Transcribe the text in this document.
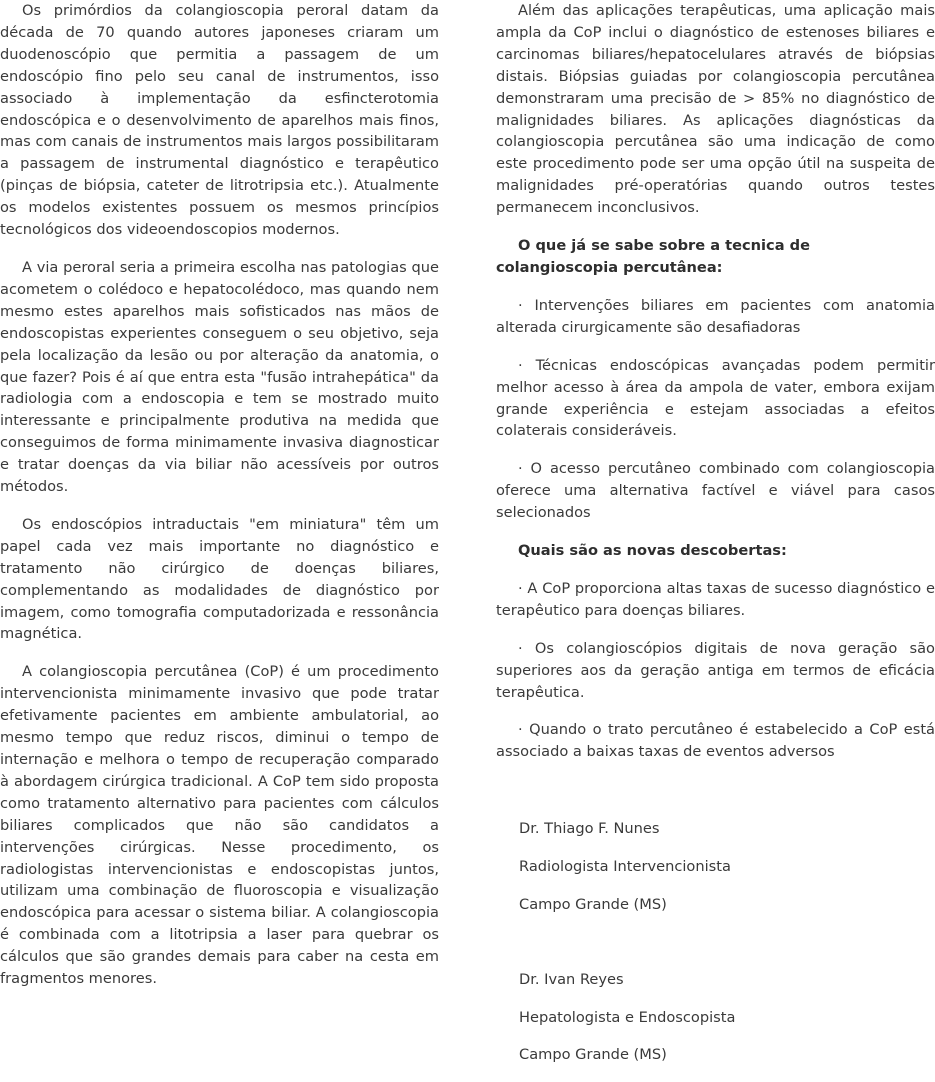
Os primórdios da colangioscopia peroral datam da década de 70 quando autores japoneses criaram um duodenoscópio que permitia a passagem de um endoscópio fino pelo seu canal de instrumentos, isso associado à implementação da esfincterotomia endoscópica e o desenvolvimento de aparelhos mais finos, mas com canais de instrumentos mais largos possibilitaram a passagem de instrumental diagnóstico e terapêutico (pinças de biópsia, cateter de litrotripsia etc.). Atualmente os modelos existentes possuem os mesmos princípios tecnológicos dos videoendoscopios modernos.

A via peroral seria a primeira escolha nas patologias que acometem o colédoco e hepatocolédoco, mas quando nem mesmo estes aparelhos mais sofisticados nas mãos de endoscopistas experientes conseguem o seu objetivo, seja pela localização da lesão ou por alteração da anatomia, o que fazer? Pois é aí que entra esta "fusão intrahepática" da radiologia com a endoscopia e tem se mostrado muito interessante e principalmente produtiva na medida que conseguimos de forma minimamente invasiva diagnosticar e tratar doenças da via biliar não acessíveis por outros métodos.

Os endoscópios intraductais "em miniatura" têm um papel cada vez mais importante no diagnóstico e tratamento não cirúrgico de doenças biliares, complementando as modalidades de diagnóstico por imagem, como tomografia computadorizada e ressonância magnética.

A colangioscopia percutânea (CoP) é um procedimento intervencionista minimamente invasivo que pode tratar efetivamente pacientes em ambiente ambulatorial, ao mesmo tempo que reduz riscos, diminui o tempo de internação e melhora o tempo de recuperação comparado à abordagem cirúrgica tradicional. A CoP tem sido proposta como tratamento alternativo para pacientes com cálculos biliares complicados que não são candidatos a intervenções cirúrgicas. Nesse procedimento, os radiologistas intervencionistas e endoscopistas juntos, utilizam uma combinação de fluoroscopia e visualização endoscópica para acessar o sistema biliar. A colangioscopia é combinada com a litotripsia a laser para quebrar os cálculos que são grandes demais para caber na cesta em fragmentos menores.

Além das aplicações terapêuticas, uma aplicação mais ampla da CoP inclui o diagnóstico de estenoses biliares e carcinomas biliares/hepatocelulares através de biópsias distais. Biópsias guiadas por colangioscopia percutânea demonstraram uma precisão de > 85% no diagnóstico de malignidades biliares. As aplicações diagnósticas da colangioscopia percutânea são uma indicação de como este procedimento pode ser uma opção útil na suspeita de malignidades pré-operatórias quando outros testes permanecem inconclusivos.

O que já se sabe sobre a tecnica de colangioscopia percutânea:

· Intervenções biliares em pacientes com anatomia alterada cirurgicamente são desafiadoras

· Técnicas endoscópicas avançadas podem permitir melhor acesso à área da ampola de vater, embora exijam grande experiência e estejam associadas a efeitos colaterais consideráveis.

· O acesso percutâneo combinado com colangioscopia oferece uma alternativa factível e viável para casos selecionados

Quais são as novas descobertas:

· A CoP proporciona altas taxas de sucesso diagnóstico e terapêutico para doenças biliares.

· Os colangioscópios digitais de nova geração são superiores aos da geração antiga em termos de eficácia terapêutica.

· Quando o trato percutâneo é estabelecido a CoP está associado a baixas taxas de eventos adversos

Dr. Thiago F. Nunes
Radiologista Intervencionista
Campo Grande (MS)
Dr. Ivan Reyes
Hepatologista e Endoscopista
Campo Grande (MS)
